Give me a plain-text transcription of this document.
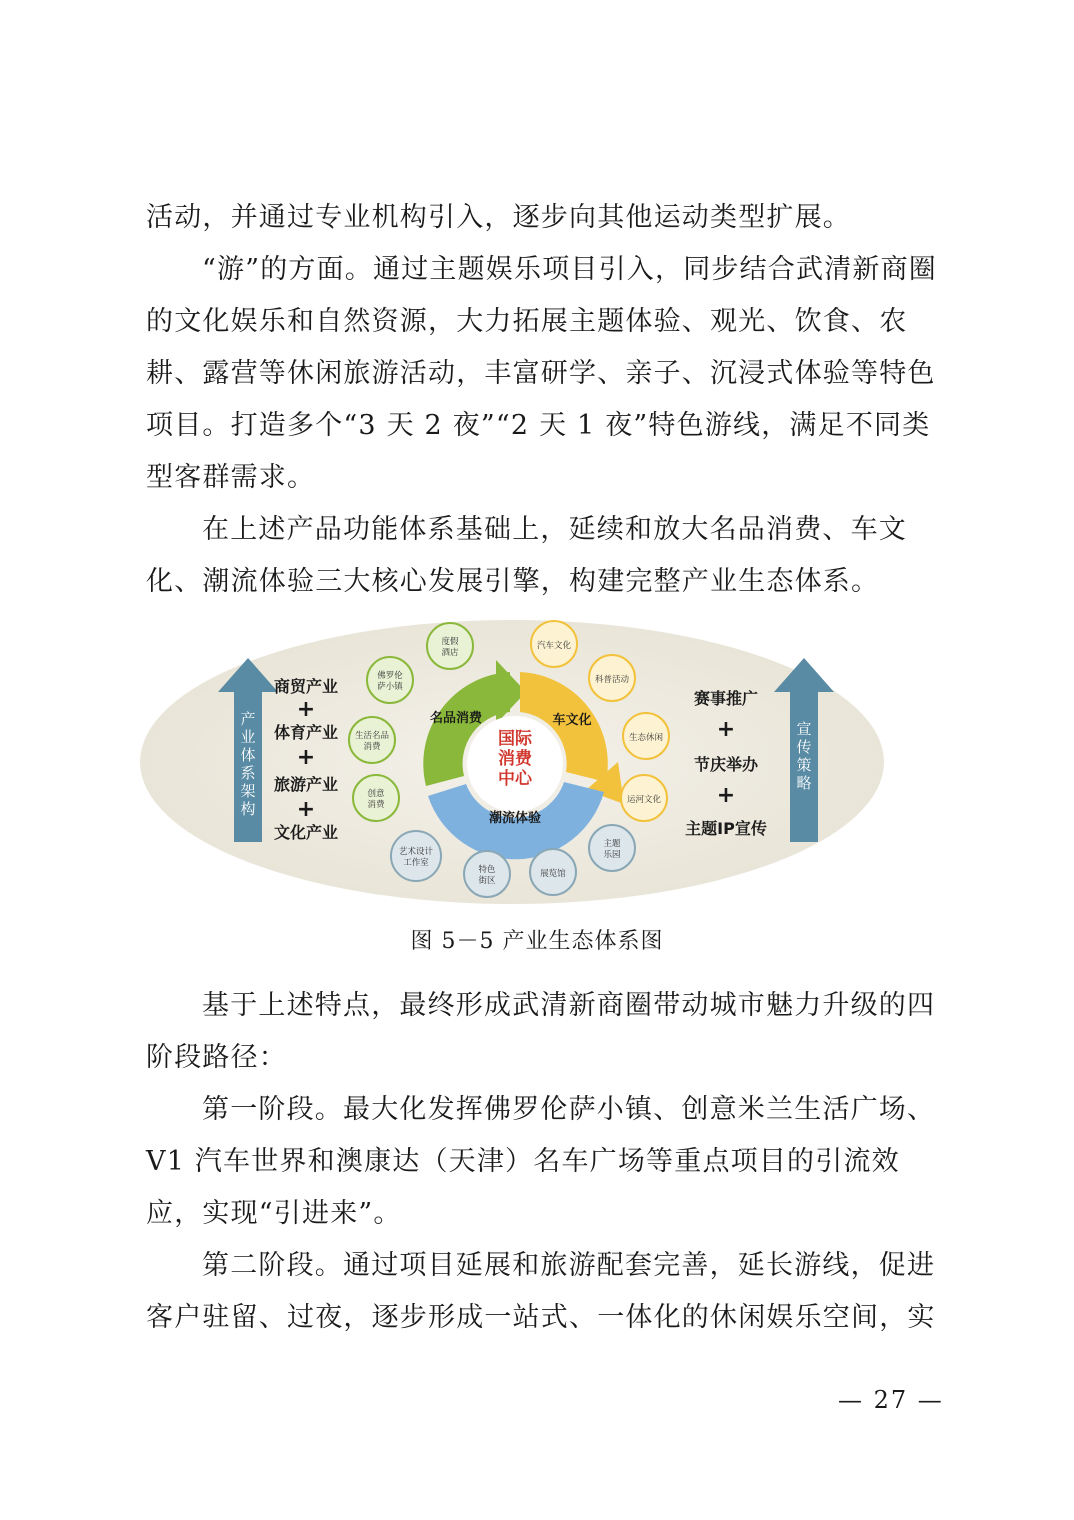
活动，并通过专业机构引入，逐步向其他运动类型扩展。
“游”的方面。通过主题娱乐项目引入，同步结合武清新商圈的文化娱乐和自然资源，大力拓展主题体验、观光、饮食、农耕、露营等休闲旅游活动，丰富研学、亲子、沉浸式体验等特色项目。打造多个“3 天 2 夜”“2 天 1 夜”特色游线，满足不同类型客群需求。
在上述产品功能体系基础上，延续和放大名品消费、车文化、潮流体验三大核心发展引擎，构建完整产业生态体系。
产
业
体
系
架
构
宣
传
策
略
商贸产业
+
体育产业
+
旅游产业
+
文化产业
赛事推广
+
节庆举办
+
主题IP宣传
名品消费	车文化
潮流体验
国际
消费
中心
度假
酒店
佛罗伦
萨小镇
生活名品
消费
创意
消费
汽车文化
科普活动
生态休闲
运河文化
主题
乐园
展览馆
特色
街区
艺术设计
工作室
图 5－5 产业生态体系图
基于上述特点，最终形成武清新商圈带动城市魅力升级的四阶段路径：
第一阶段。最大化发挥佛罗伦萨小镇、创意米兰生活广场、V1 汽车世界和澳康达（天津）名车广场等重点项目的引流效应，实现“引进来”。
第二阶段。通过项目延展和旅游配套完善，延长游线，促进客户驻留、过夜，逐步形成一站式、一体化的休闲娱乐空间，实
— 27 —
